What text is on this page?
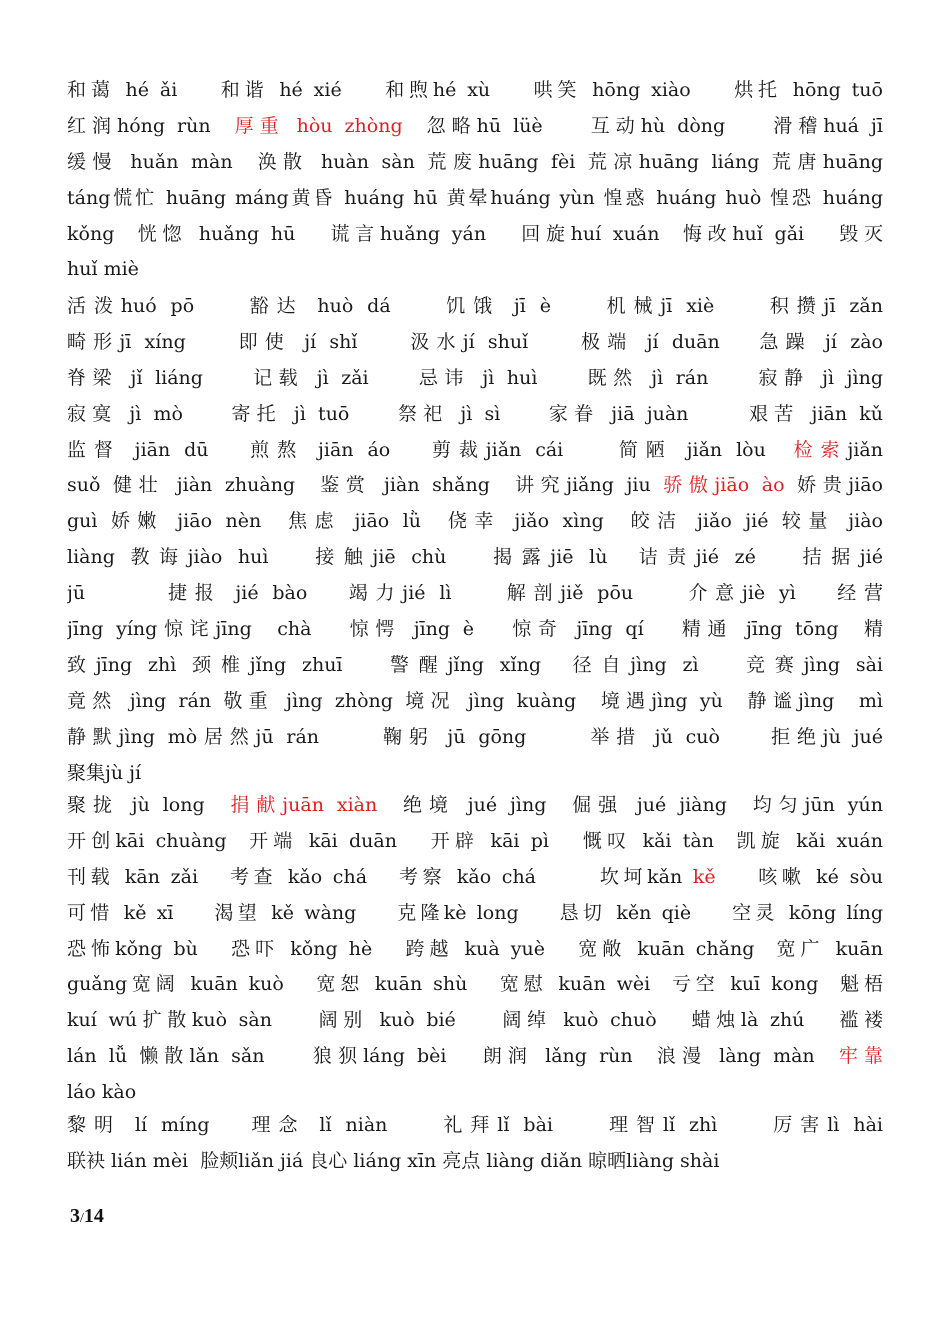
和蔼 hé ǎi    和谐 hé xié    和煦hé xù    哄笑 hōng xiào    烘托 hōng tuō
红润hóng rùn  厚重 hòu zhòng  忽略hū lüè    互动hù dòng    滑稽huá jī
缓慢 huǎn màn  涣散 huàn sàn 荒废huāng fèi 荒凉huāng liáng 荒唐huāng
táng慌忙 huāng máng黄昏 huáng hū 黄晕huáng yùn 惶惑 huáng huò 惶恐 huáng
kǒng  恍惚 huǎng hū   谎言huǎng yán   回旋huí xuán  悔改huǐ gǎi   毁灭
huǐ miè
活泼huó pō    豁达 huò dá    饥饿 jī è    机械jī xiè    积攒jī zǎn
畸形jī xíng    即使 jí shǐ    汲水jí shuǐ    极端 jí duān   急躁 jí zào
脊梁 jǐ liáng    记载 jì zǎi    忌讳 jì huì    既然 jì rán    寂静 jì jìng
寂寞 jì mò    寄托 jì tuō    祭祀 jì sì    家眷 jiā juàn     艰苦 jiān kǔ
监督 jiān dū   煎熬 jiān áo   剪裁jiǎn cái    简陋 jiǎn lòu  检索jiǎn
suǒ 健壮 jiàn zhuàng  鉴赏 jiàn shǎng  讲究jiǎng jiu 骄傲jiāo ào 娇贵jiāo
guì 娇嫩 jiāo nèn  焦虑 jiāo lǜ  侥幸 jiǎo xìng  皎洁 jiǎo jié 较量 jiào
liàng 教诲jiào huì   接触jiē chù   揭露jiē lù  诘责jié zé   拮据jié
jū      捷报 jié bào   竭力jié lì    解剖jiě pōu    介意jiè yì   经营
jīng yíng惊诧jīng  chà   惊愕 jīng è   惊奇 jīng qí   精通 jīng tōng  精
致jīng zhì 颈椎jǐng zhuī   警醒jǐng xǐng  径自jìng zì   竞赛jìng sài
竟然 jìng rán 敬重 jìng zhòng 境况 jìng kuàng  境遇jìng yù  静谧jìng  mì
静默jìng mò居然jū rán     鞠躬 jū gōng     举措 jǔ cuò    拒绝jù jué
聚集jù jí
聚拢 jù long  捐献juān xiàn  绝境 jué jìng  倔强 jué jiàng  均匀jūn yún
开创kāi chuàng  开端 kāi duān   开辟 kāi pì   慨叹 kǎi tàn  凯旋 kǎi xuán
刊载 kān zǎi   考查 kǎo chá   考察 kǎo chá      坎坷kǎn kě    咳嗽 ké sòu
可惜 kě xī    渴望 kě wàng    克隆kè long    恳切 kěn qiè    空灵 kōng líng
恐怖kǒng bù   恐吓 kǒng hè   跨越 kuà yuè   宽敞 kuān chǎng  宽广 kuān
guǎng宽阔 kuān kuò   宽恕 kuān shù   宽慰 kuān wèi  亏空 kuī kong  魁梧
kuí wú扩散kuò sàn    阔别 kuò bié    阔绰 kuò chuò   蜡烛là zhú   褴褛
lán lǚ 懒散lǎn sǎn    狼狈láng bèi   朗润 lǎng rùn  浪漫 làng màn  牢靠
láo kào
黎明 lí míng   理念 lǐ niàn    礼拜lǐ bài    理智lǐ zhì    厉害lì hài
联袂 lián mèi  脸颊liǎn jiá 良心 liáng xīn 亮点 liàng diǎn 晾晒liàng shài
3/14
